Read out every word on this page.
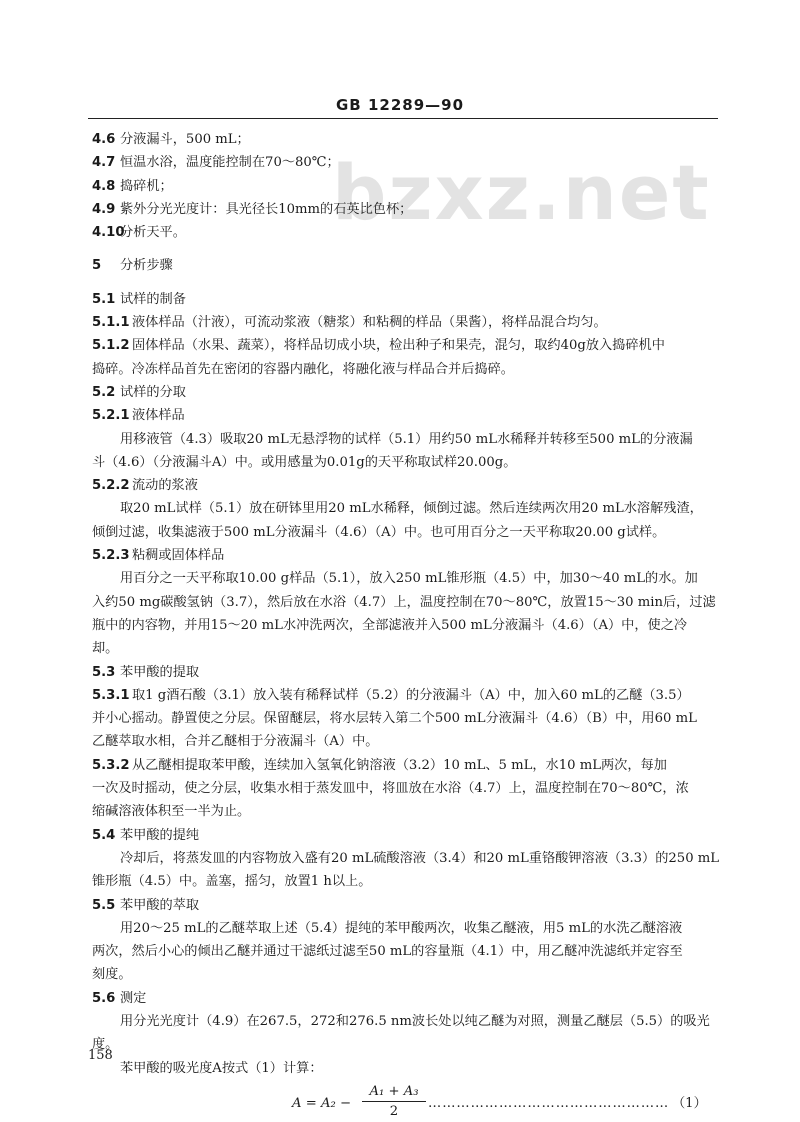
GB 12289—90
bzxz.net
4.6 分液漏斗，500 mL；
4.7 恒温水浴，温度能控制在70～80℃；
4.8 捣碎机；
4.9 紫外分光光度计：具光径长10mm的石英比色杯；
4.10分析天平。
5 分析步骤
5.1 试样的制备
5.1.1 液体样品（汁液），可流动浆液（糖浆）和粘稠的样品（果酱），将样品混合均匀。
5.1.2 固体样品（水果、蔬菜），将样品切成小块，检出种子和果壳，混匀，取约40g放入捣碎机中
捣碎。冷冻样品首先在密闭的容器内融化，将融化液与样品合并后捣碎。
5.2 试样的分取
5.2.1 液体样品
用移液管（4.3）吸取20 mL无悬浮物的试样（5.1）用约50 mL水稀释并转移至500 mL的分液漏
斗（4.6）（分液漏斗A）中。或用感量为0.01g的天平称取试样20.00g。
5.2.2 流动的浆液
取20 mL试样（5.1）放在研钵里用20 mL水稀释，倾倒过滤。然后连续两次用20 mL水溶解残渣，
倾倒过滤，收集滤液于500 mL分液漏斗（4.6）（A）中。也可用百分之一天平称取20.00 g试样。
5.2.3 粘稠或固体样品
用百分之一天平称取10.00 g样品（5.1），放入250 mL锥形瓶（4.5）中，加30～40 mL的水。加
入约50 mg碳酸氢钠（3.7），然后放在水浴（4.7）上，温度控制在70～80℃，放置15～30 min后，过滤
瓶中的内容物，并用15～20 mL水冲洗两次，全部滤液并入500 mL分液漏斗（4.6）（A）中，使之冷
却。
5.3 苯甲酸的提取
5.3.1 取1 g酒石酸（3.1）放入装有稀释试样（5.2）的分液漏斗（A）中，加入60 mL的乙醚（3.5）
并小心摇动。静置使之分层。保留醚层，将水层转入第二个500 mL分液漏斗（4.6）（B）中，用60 mL
乙醚萃取水相，合并乙醚相于分液漏斗（A）中。
5.3.2 从乙醚相提取苯甲酸，连续加入氢氧化钠溶液（3.2）10 mL、5 mL，水10 mL两次，每加
一次及时摇动，使之分层，收集水相于蒸发皿中，将皿放在水浴（4.7）上，温度控制在70～80℃，浓
缩碱溶液体积至一半为止。
5.4 苯甲酸的提纯
冷却后，将蒸发皿的内容物放入盛有20 mL硫酸溶液（3.4）和20 mL重铬酸钾溶液（3.3）的250 mL
锥形瓶（4.5）中。盖塞，摇匀，放置1 h以上。
5.5 苯甲酸的萃取
用20～25 mL的乙醚萃取上述（5.4）提纯的苯甲酸两次，收集乙醚液，用5 mL的水洗乙醚溶液
两次，然后小心的倾出乙醚并通过干滤纸过滤至50 mL的容量瓶（4.1）中，用乙醚冲洗滤纸并定容至
刻度。
5.6 测定
用分光光度计（4.9）在267.5，272和276.5 nm波长处以纯乙醚为对照，测量乙醚层（5.5）的吸光
度。
苯甲酸的吸光度A按式（1）计算：
$A = A_2 - \frac{\text{A₁ + A₃}}{2}$ …………………………………………… （1）
158
